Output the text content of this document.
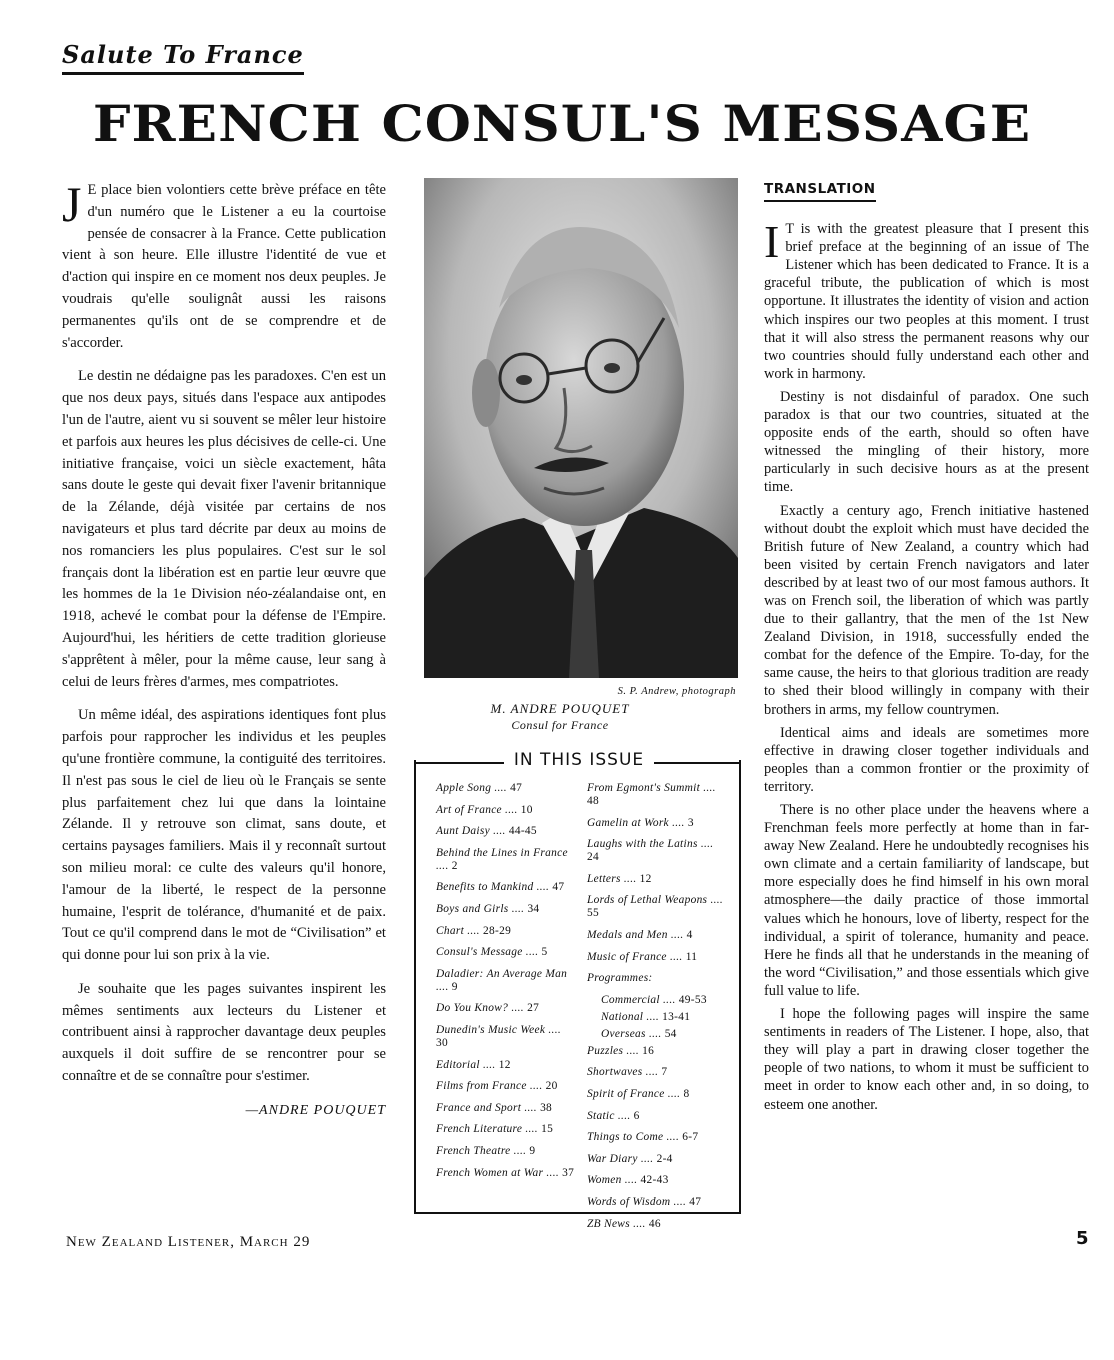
Salute To France
FRENCH CONSUL'S MESSAGE

J E place bien volontiers cette brève préface en tête d'un numéro que le Listener a eu la courtoise pensée de consacrer à la France. Cette publication vient à son heure. Elle illustre l'identité de vue et d'action qui inspire en ce moment nos deux peuples. Je voudrais qu'elle soulignât aussi les raisons permanentes qu'ils ont de se comprendre et de s'accorder.

Le destin ne dédaigne pas les paradoxes. C'en est un que nos deux pays, situés dans l'espace aux antipodes l'un de l'autre, aient vu si souvent se mêler leur histoire et parfois aux heures les plus décisives de celle-ci. Une initiative française, voici un siècle exactement, hâta sans doute le geste qui devait fixer l'avenir britannique de la Zélande, déjà visitée par certains de nos navigateurs et plus tard décrite par deux au moins de nos romanciers les plus populaires. C'est sur le sol français dont la libération est en partie leur œuvre que les hommes de la 1e Division néo-zéalandaise ont, en 1918, achevé le combat pour la défense de l'Empire. Aujourd'hui, les héritiers de cette tradition glorieuse s'apprêtent à mêler, pour la même cause, leur sang à celui de leurs frères d'armes, mes compatriotes.

Un même idéal, des aspirations identiques font plus parfois pour rapprocher les individus et les peuples qu'une frontière commune, la contiguité des territoires. Il n'est pas sous le ciel de lieu où le Français se sente plus parfaitement chez lui que dans la lointaine Zélande. Il y retrouve son climat, sans doute, et certains paysages familiers. Mais il y reconnaît surtout son milieu moral: ce culte des valeurs qu'il honore, l'amour de la liberté, le respect de la personne humaine, l'esprit de tolérance, d'humanité et de paix. Tout ce qu'il comprend dans le mot de “Civilisation” et qui donne pour lui son prix à la vie.

Je souhaite que les pages suivantes inspirent les mêmes sentiments aux lecteurs du Listener et contribuent ainsi à rapprocher davantage deux peuples auxquels il doit suffire de se rencontrer pour se connaître et de se connaître pour s'estimer.

—ANDRE POUQUET
S. P. Andrew, photograph
M. ANDRE POUQUET
Consul for France
IN THIS ISSUE
Apple Song .... 47
Art of France .... 10
Aunt Daisy .... 44-45
Behind the Lines in France .... 2
Benefits to Mankind .... 47
Boys and Girls .... 34
Chart .... 28-29
Consul's Message .... 5
Daladier: An Average Man .... 9
Do You Know? .... 27
Dunedin's Music Week .... 30
Editorial .... 12
Films from France .... 20
France and Sport .... 38
French Literature .... 15
French Theatre .... 9
French Women at War .... 37
From Egmont's Summit .... 48
Gamelin at Work .... 3
Laughs with the Latins .... 24
Letters .... 12
Lords of Lethal Weapons .... 55
Medals and Men .... 4
Music of France .... 11
Programmes:
Commercial .... 49-53
National .... 13-41
Overseas .... 54
Puzzles .... 16
Shortwaves .... 7
Spirit of France .... 8
Static .... 6
Things to Come .... 6-7
War Diary .... 2-4
Women .... 42-43
Words of Wisdom .... 47
ZB News .... 46
TRANSLATION

I T is with the greatest pleasure that I present this brief preface at the beginning of an issue of The Listener which has been dedicated to France. It is a graceful tribute, the publication of which is most opportune. It illustrates the identity of vision and action which inspires our two peoples at this moment. I trust that it will also stress the permanent reasons why our two countries should fully understand each other and work in harmony.

Destiny is not disdainful of paradox. One such paradox is that our two countries, situated at the opposite ends of the earth, should so often have witnessed the mingling of their history, more particularly in such decisive hours as at the present time.

Exactly a century ago, French initiative hastened without doubt the exploit which must have decided the British future of New Zealand, a country which had been visited by certain French navigators and later described by at least two of our most famous authors. It was on French soil, the liberation of which was partly due to their gallantry, that the men of the 1st New Zealand Division, in 1918, successfully ended the combat for the defence of the Empire. To-day, for the same cause, the heirs to that glorious tradition are ready to shed their blood willingly in company with their brothers in arms, my fellow countrymen.

Identical aims and ideals are sometimes more effective in drawing closer together individuals and peoples than a common frontier or the proximity of territory.

There is no other place under the heavens where a Frenchman feels more perfectly at home than in far-away New Zealand. Here he undoubtedly recognises his own climate and a certain familiarity of landscape, but more especially does he find himself in his own moral atmosphere—the daily practice of those immortal values which he honours, love of liberty, respect for the individual, a spirit of tolerance, humanity and peace. Here he finds all that he understands in the meaning of the word “Civilisation,” and those essentials which give full value to life.

I hope the following pages will inspire the same sentiments in readers of The Listener. I hope, also, that they will play a part in drawing closer together the people of two nations, to whom it must be sufficient to meet in order to know each other and, in so doing, to esteem one another.

New Zealand Listener, March 29	5
